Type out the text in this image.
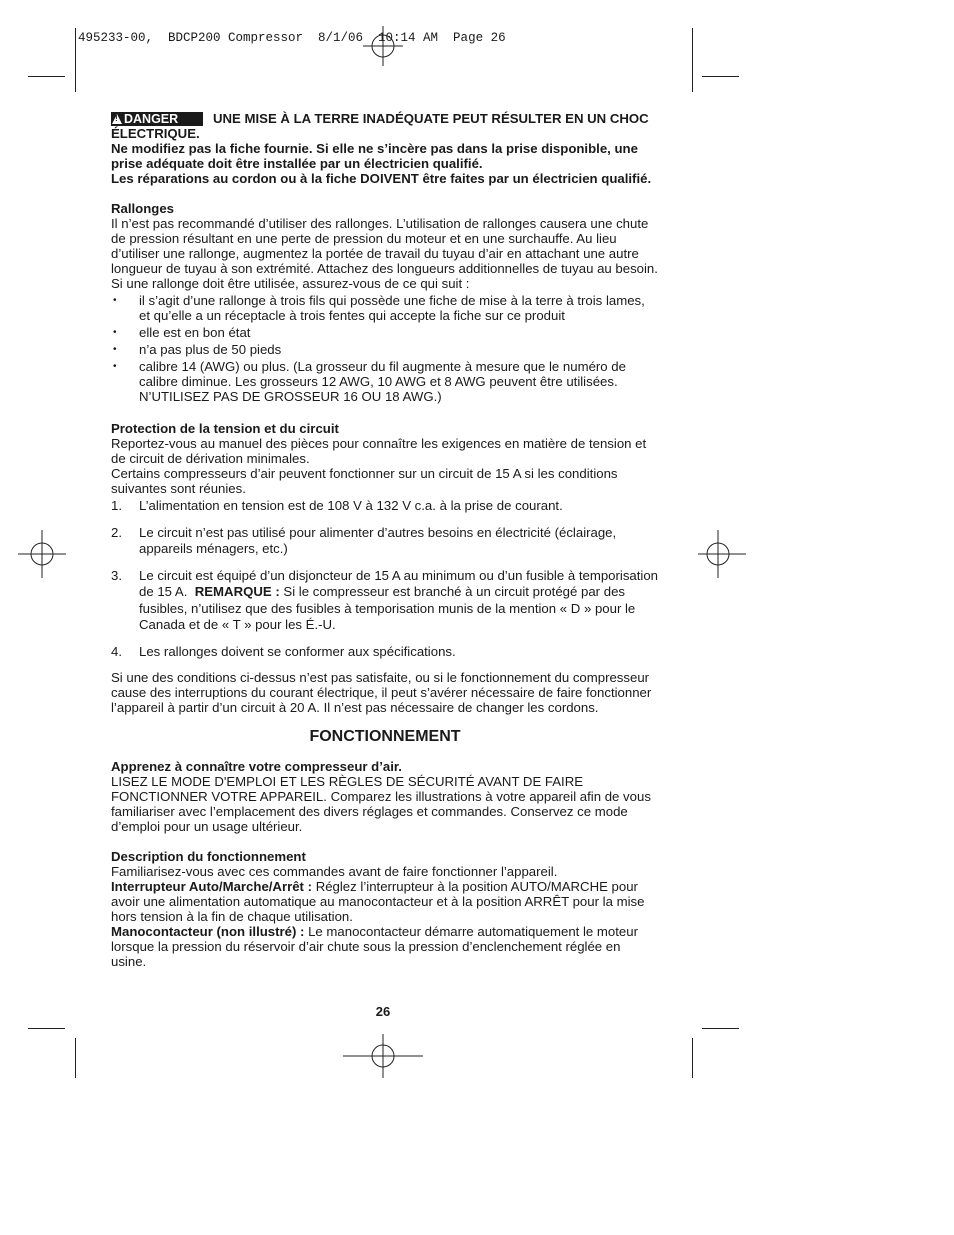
495233-00,  BDCP200 Compressor  8/1/06  10:14 AM  Page 26

!DANGER	UNE MISE À LA TERRE INADÉQUATE PEUT RÉSULTER EN UN CHOC ÉLECTRIQUE.

Ne modifiez pas la fiche fournie. Si elle ne s’incère pas dans la prise disponible, une prise adéquate doit être installée par un électricien qualifié.

Les réparations au cordon ou à la fiche DOIVENT être faites par un électricien qualifié.

Rallonges

Il n’est pas recommandé d’utiliser des rallonges. L’utilisation de rallonges causera une chute de pression résultant en une perte de pression du moteur et en une surchauffe. Au lieu d’utiliser une rallonge, augmentez la portée de travail du tuyau d’air en attachant une autre longueur de tuyau à son extrémité. Attachez des longueurs additionnelles de tuyau au besoin.

Si une rallonge doit être utilisée, assurez-vous de ce qui suit :

•	il s’agit d’une rallonge à trois fils qui possède une fiche de mise à la terre à trois lames, et qu’elle a un réceptacle à trois fentes qui accepte la fiche sur ce produit
•	elle est en bon état
•	n’a pas plus de 50 pieds
•	calibre 14 (AWG) ou plus. (La grosseur du fil augmente à mesure que le numéro de calibre diminue. Les grosseurs 12 AWG, 10 AWG et 8 AWG peuvent être utilisées. N’UTILISEZ PAS DE GROSSEUR 16 OU 18 AWG.)

Protection de la tension et du circuit

Reportez-vous au manuel des pièces pour connaître les exigences en matière de tension et de circuit de dérivation minimales.

Certains compresseurs d’air peuvent fonctionner sur un circuit de 15 A si les conditions suivantes sont réunies.

1.	L’alimentation en tension est de 108 V à 132 V c.a. à la prise de courant.
2.	Le circuit n’est pas utilisé pour alimenter d’autres besoins en électricité (éclairage, appareils ménagers, etc.)
3.	Le circuit est équipé d’un disjoncteur de 15 A au minimum ou d’un fusible à temporisation de 15 A. REMARQUE : Si le compresseur est branché à un circuit protégé par des fusibles, n’utilisez que des fusibles à temporisation munis de la mention « D » pour le Canada et de « T » pour les É.-U.
4.	Les rallonges doivent se conformer aux spécifications.

Si une des conditions ci-dessus n’est pas satisfaite, ou si le fonctionnement du compresseur cause des interruptions du courant électrique, il peut s’avérer nécessaire de faire fonctionner l’appareil à partir d’un circuit à 20 A. Il n’est pas nécessaire de changer les cordons.

FONCTIONNEMENT

Apprenez à connaître votre compresseur d’air.

LISEZ LE MODE D'EMPLOI ET LES RÈGLES DE SÉCURITÉ AVANT DE FAIRE FONCTIONNER VOTRE APPAREIL. Comparez les illustrations à votre appareil afin de vous familiariser avec l’emplacement des divers réglages et commandes. Conservez ce mode d’emploi pour un usage ultérieur.

Description du fonctionnement

Familiarisez-vous avec ces commandes avant de faire fonctionner l’appareil.

Interrupteur Auto/Marche/Arrêt : Réglez l’interrupteur à la position AUTO/MARCHE pour avoir une alimentation automatique au manocontacteur et à la position ARRÊT pour la mise hors tension à la fin de chaque utilisation.

Manocontacteur (non illustré) : Le manocontacteur démarre automatiquement le moteur lorsque la pression du réservoir d’air chute sous la pression d’enclenchement réglée en usine.

26
